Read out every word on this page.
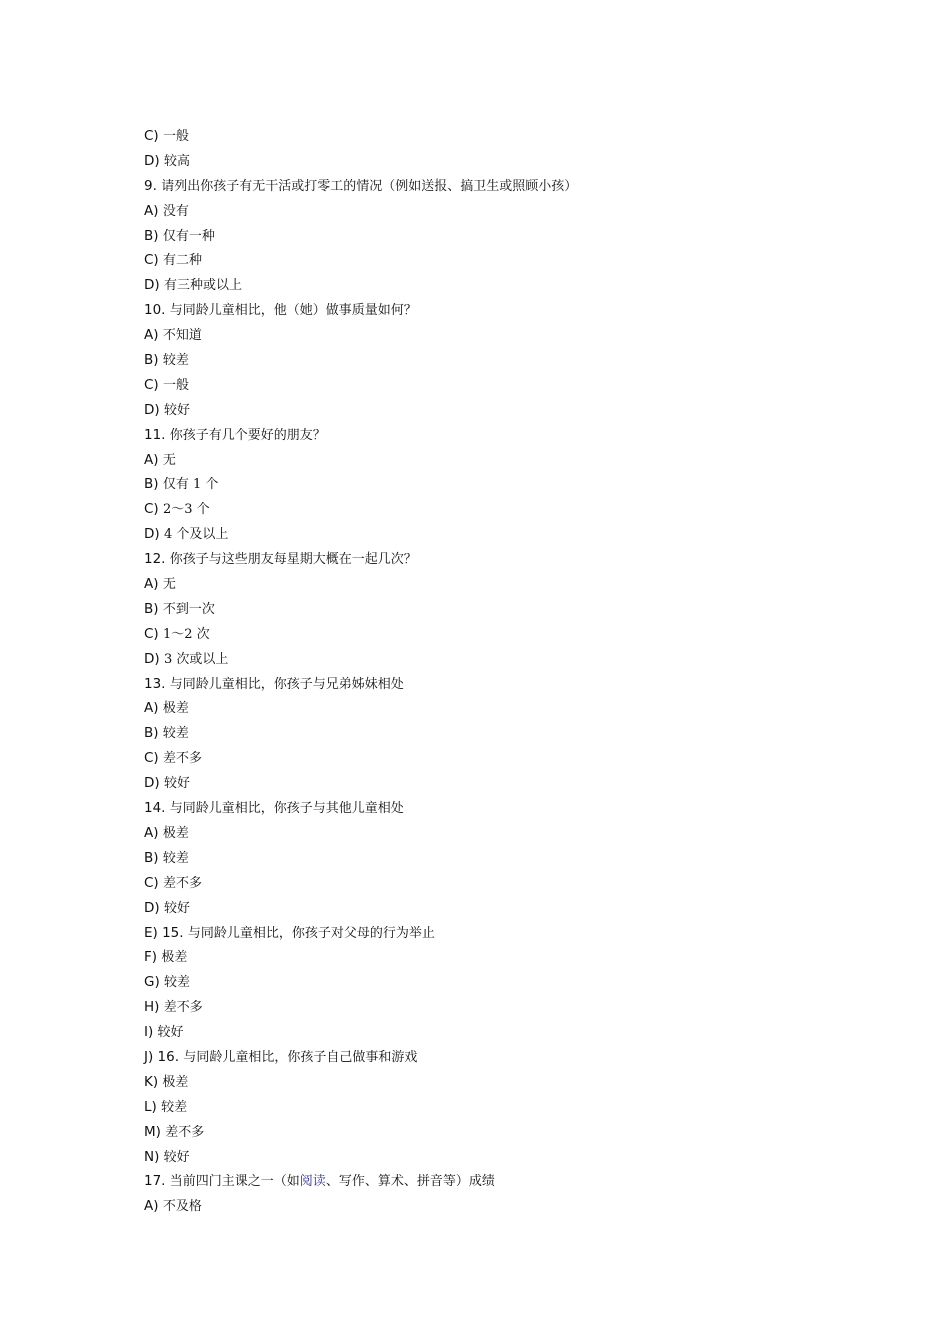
C) 一般
D) 较高
9. 请列出你孩子有无干活或打零工的情况（例如送报、搞卫生或照顾小孩）
A) 没有
B) 仅有一种
C) 有二种
D) 有三种或以上
10. 与同龄儿童相比，他（她）做事质量如何？
A) 不知道
B) 较差
C) 一般
D) 较好
11. 你孩子有几个要好的朋友？
A) 无
B) 仅有 1 个
C) 2～3 个
D) 4 个及以上
12. 你孩子与这些朋友每星期大概在一起几次？
A) 无
B) 不到一次
C) 1～2 次
D) 3 次或以上
13. 与同龄儿童相比，你孩子与兄弟姊妹相处
A) 极差
B) 较差
C) 差不多
D) 较好
14. 与同龄儿童相比，你孩子与其他儿童相处
A) 极差
B) 较差
C) 差不多
D) 较好
E) 15. 与同龄儿童相比，你孩子对父母的行为举止
F) 极差
G) 较差
H) 差不多
I) 较好
J) 16. 与同龄儿童相比，你孩子自己做事和游戏
K) 极差
L) 较差
M) 差不多
N) 较好
17. 当前四门主课之一（如阅读、写作、算术、拼音等）成绩
A) 不及格
